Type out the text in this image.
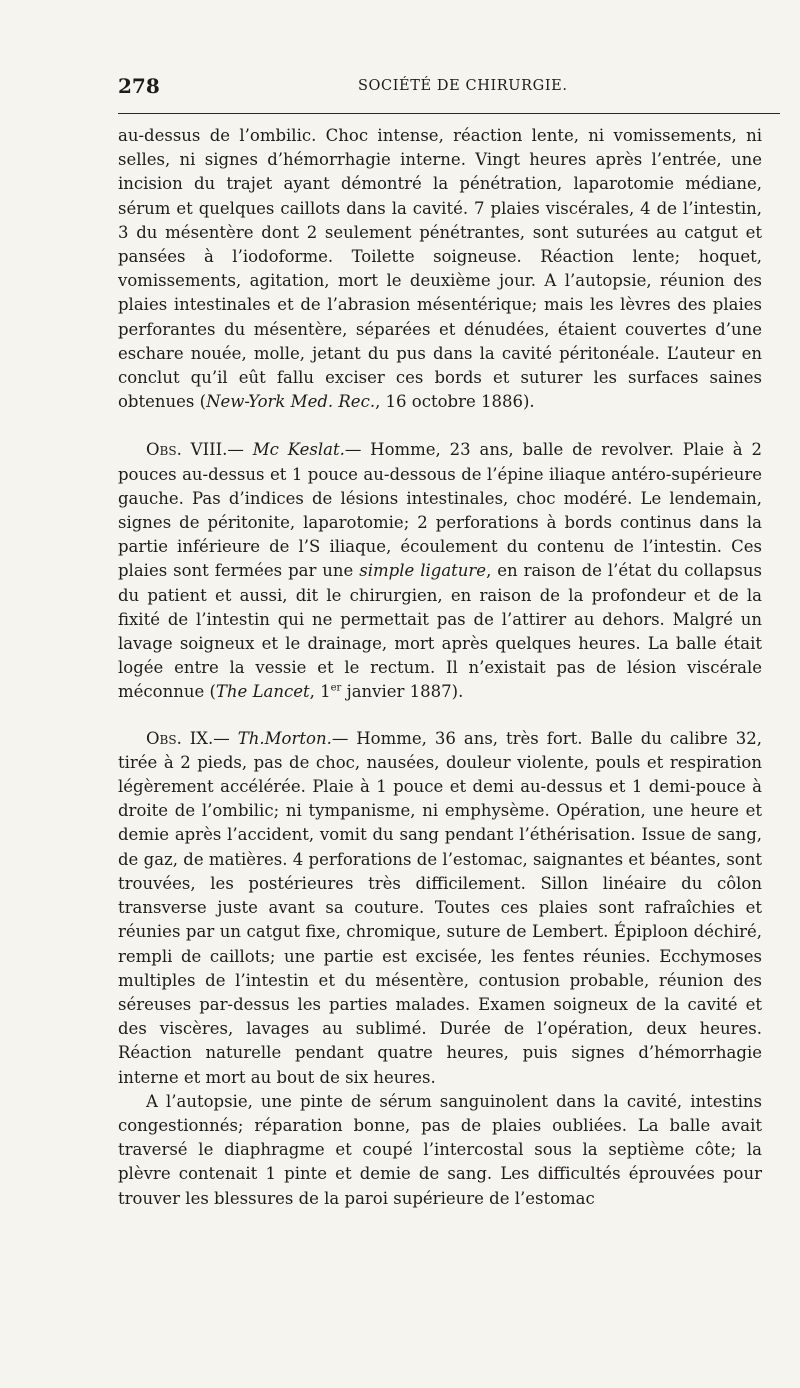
278	SOCIÉTÉ DE CHIRURGIE.

au-dessus de l’ombilic. Choc intense, réaction lente, ni vomissements, ni selles, ni signes d’hémorrhagie interne. Vingt heures après l’entrée, une incision du trajet ayant démontré la pénétration, laparotomie médiane, sérum et quelques caillots dans la cavité. 7 plaies viscérales, 4 de l’intestin, 3 du mésentère dont 2 seulement pénétrantes, sont suturées au catgut et pansées à l’iodoforme. Toilette soigneuse. Réaction lente; hoquet, vomissements, agitation, mort le deuxième jour. A l’autopsie, réunion des plaies intestinales et de l’abrasion mésentérique; mais les lèvres des plaies perforantes du mésentère, séparées et dénudées, étaient couvertes d’une eschare nouée, molle, jetant du pus dans la cavité péritonéale. L’auteur en conclut qu’il eût fallu exciser ces bords et suturer les surfaces saines obtenues (New-York Med. Rec., 16 octobre 1886).

Obs. VIII.— Mc Keslat.— Homme, 23 ans, balle de revolver. Plaie à 2 pouces au-dessus et 1 pouce au-dessous de l’épine iliaque antéro-supérieure gauche. Pas d’indices de lésions intestinales, choc modéré. Le lendemain, signes de péritonite, laparotomie; 2 perforations à bords continus dans la partie inférieure de l’S iliaque, écoulement du contenu de l’intestin. Ces plaies sont fermées par une simple ligature, en raison de l’état du collapsus du patient et aussi, dit le chirurgien, en raison de la profondeur et de la fixité de l’intestin qui ne permettait pas de l’attirer au dehors. Malgré un lavage soigneux et le drainage, mort après quelques heures. La balle était logée entre la vessie et le rectum. Il n’existait pas de lésion viscérale méconnue (The Lancet, 1er janvier 1887).

Obs. IX.— Th.Morton.— Homme, 36 ans, très fort. Balle du calibre 32, tirée à 2 pieds, pas de choc, nausées, douleur violente, pouls et respiration légèrement accélérée. Plaie à 1 pouce et demi au-dessus et 1 demi-pouce à droite de l’ombilic; ni tympanisme, ni emphysème. Opération, une heure et demie après l’accident, vomit du sang pendant l’éthérisation. Issue de sang, de gaz, de matières. 4 perforations de l’estomac, saignantes et béantes, sont trouvées, les postérieures très difficilement. Sillon linéaire du côlon transverse juste avant sa couture. Toutes ces plaies sont rafraîchies et réunies par un catgut fixe, chromique, suture de Lembert. Épiploon déchiré, rempli de caillots; une partie est excisée, les fentes réunies. Ecchymoses multiples de l’intestin et du mésentère, contusion probable, réunion des séreuses par-dessus les parties malades. Examen soigneux de la cavité et des viscères, lavages au sublimé. Durée de l’opération, deux heures. Réaction naturelle pendant quatre heures, puis signes d’hémorrhagie interne et mort au bout de six heures.

A l’autopsie, une pinte de sérum sanguinolent dans la cavité, intestins congestionnés; réparation bonne, pas de plaies oubliées. La balle avait traversé le diaphragme et coupé l’intercostal sous la septième côte; la plèvre contenait 1 pinte et demie de sang. Les difficultés éprouvées pour trouver les blessures de la paroi supérieure de l’estomac
